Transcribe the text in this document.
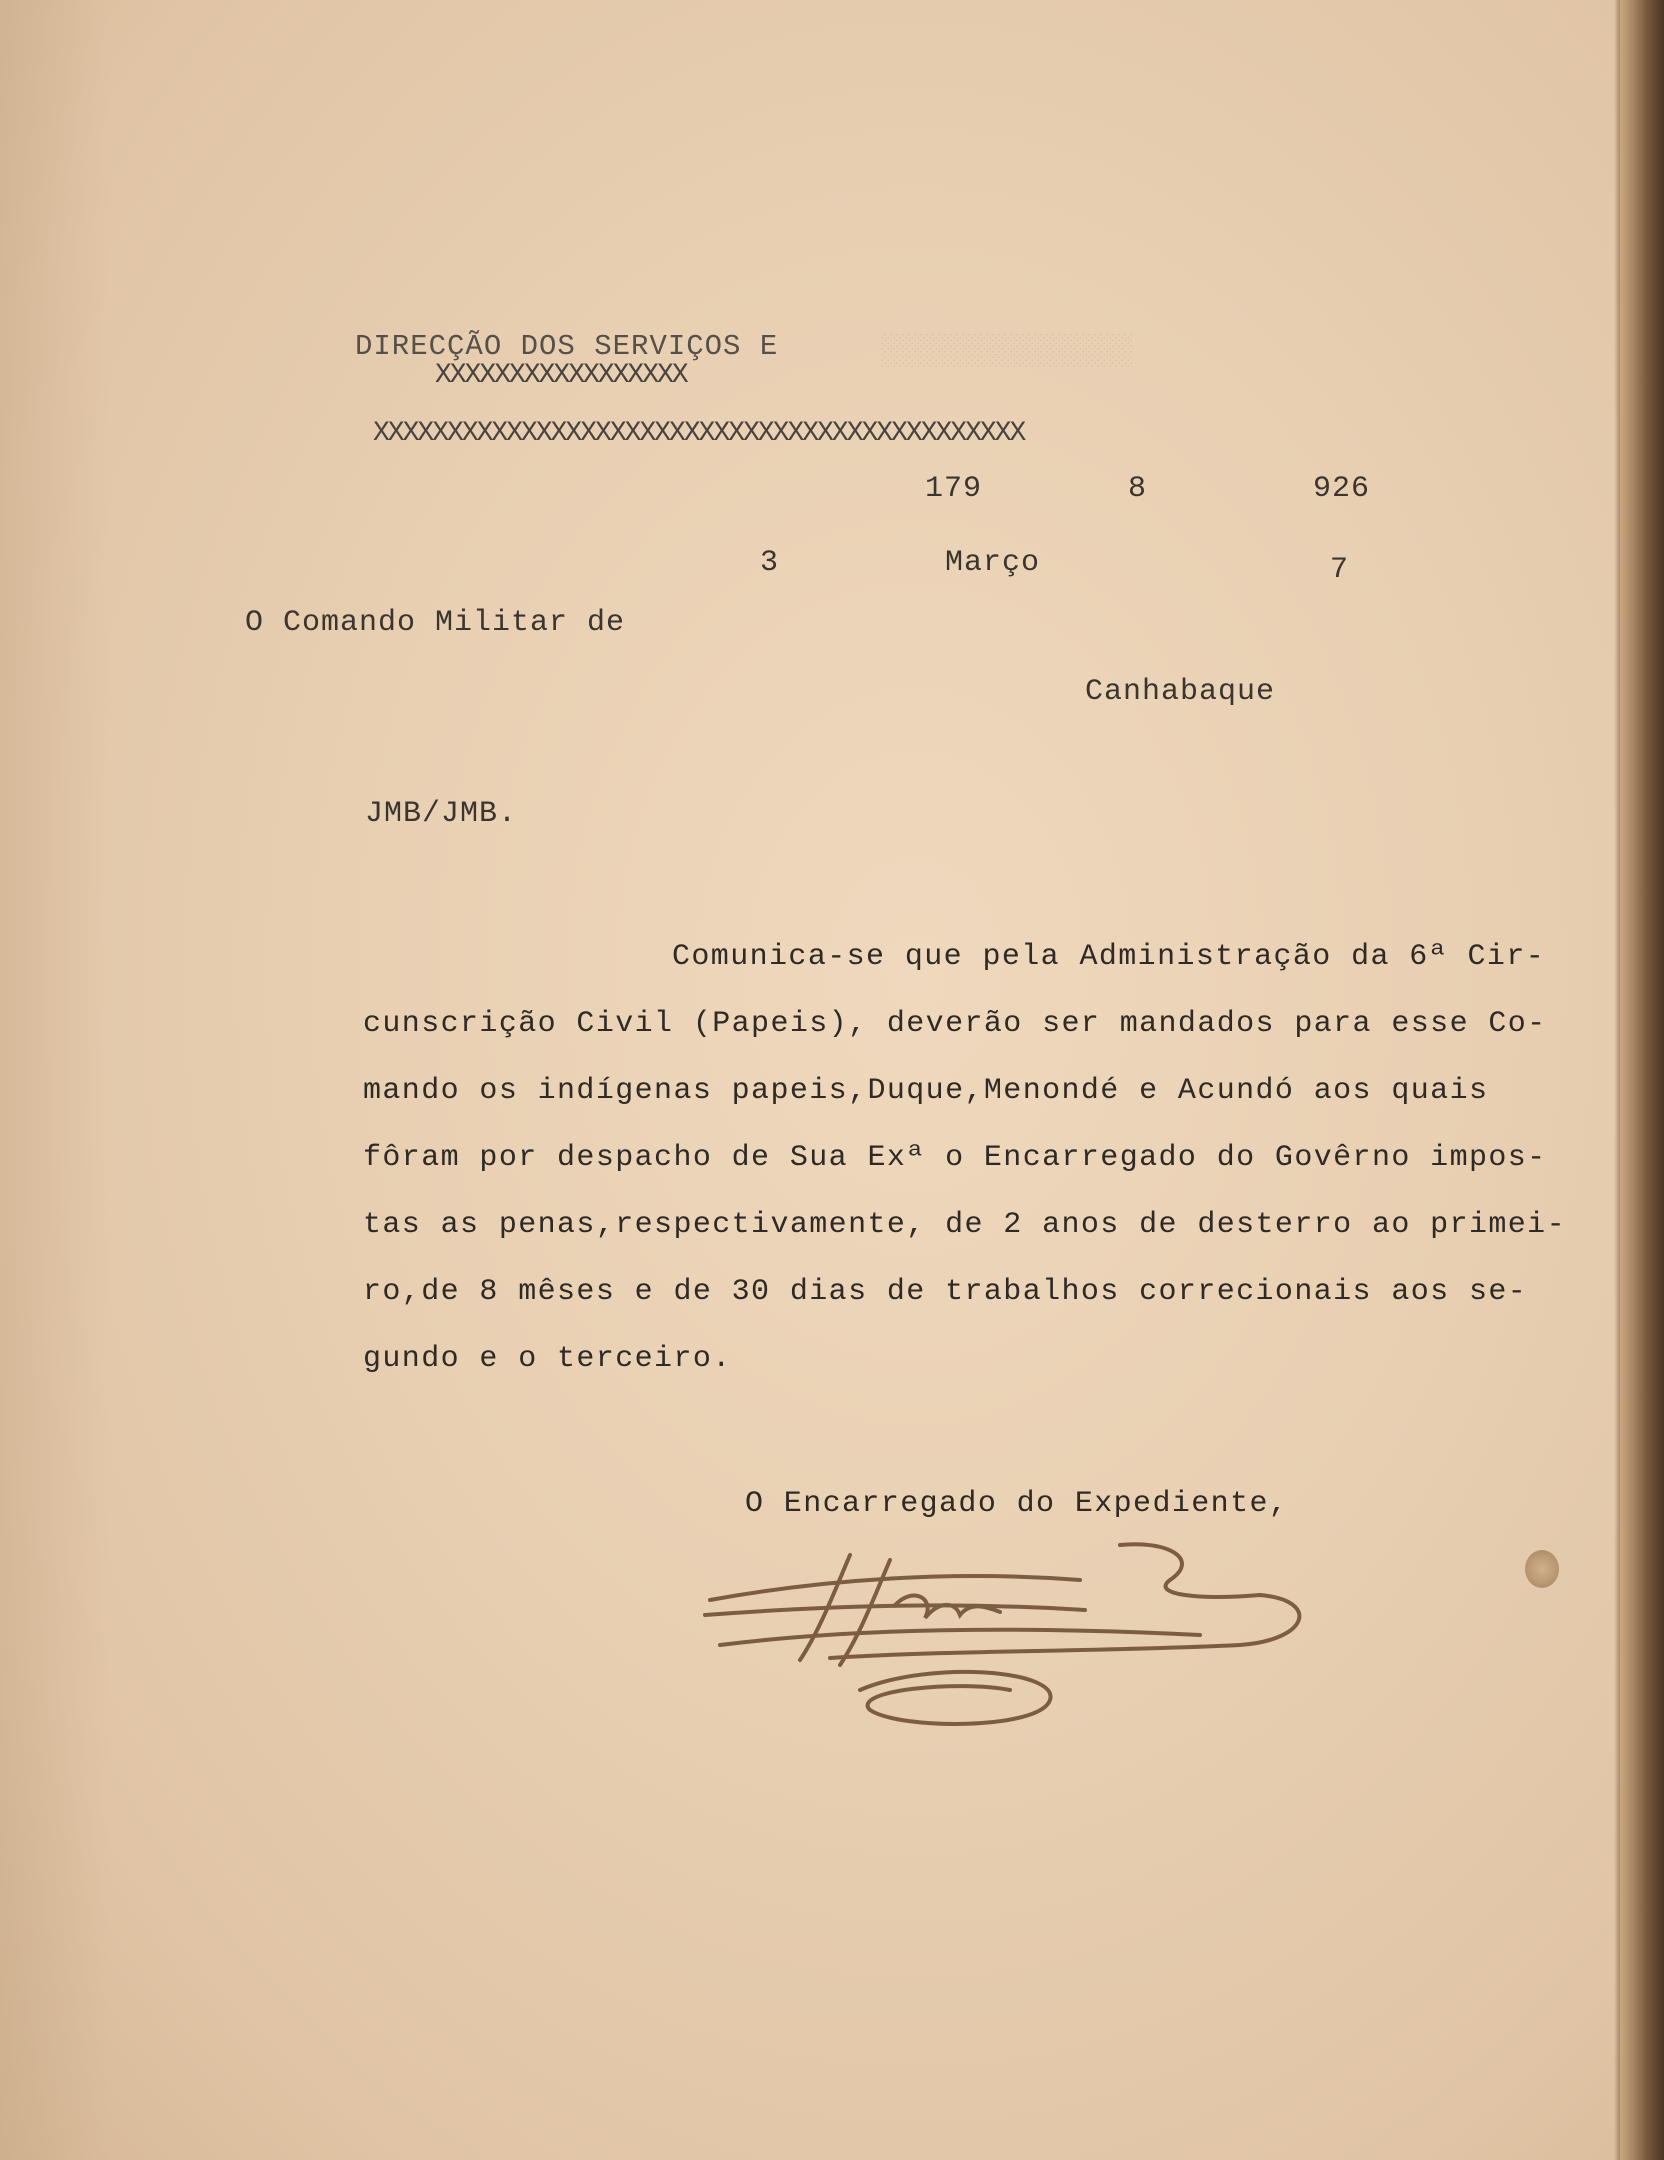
░░░░░░░░░░░░░░
DIRECÇÃO DOS SERVIÇOS E
XXXXXXXXXXXXXXXXX
XXXXXXXXXXXXXXXXXXXXXXXXXXXXXXXXXXXXXXXXXXXX
179	8	926
3	Março	7
O Comando Militar de
Canhabaque
JMB/JMB.
Comunica-se que pela Administração da 6ª Cir-
cunscrição Civil (Papeis), deverão ser mandados para esse Co-
mando os indígenas papeis,Duque,Menondé e Acundó aos quais
fôram por despacho de Sua Exª o Encarregado do Govêrno impos-
tas as penas,respectivamente, de 2 anos de desterro ao primei-
ro,de 8 mêses e de 30 dias de trabalhos correcionais aos se-
gundo e o terceiro.
O Encarregado do Expediente,
